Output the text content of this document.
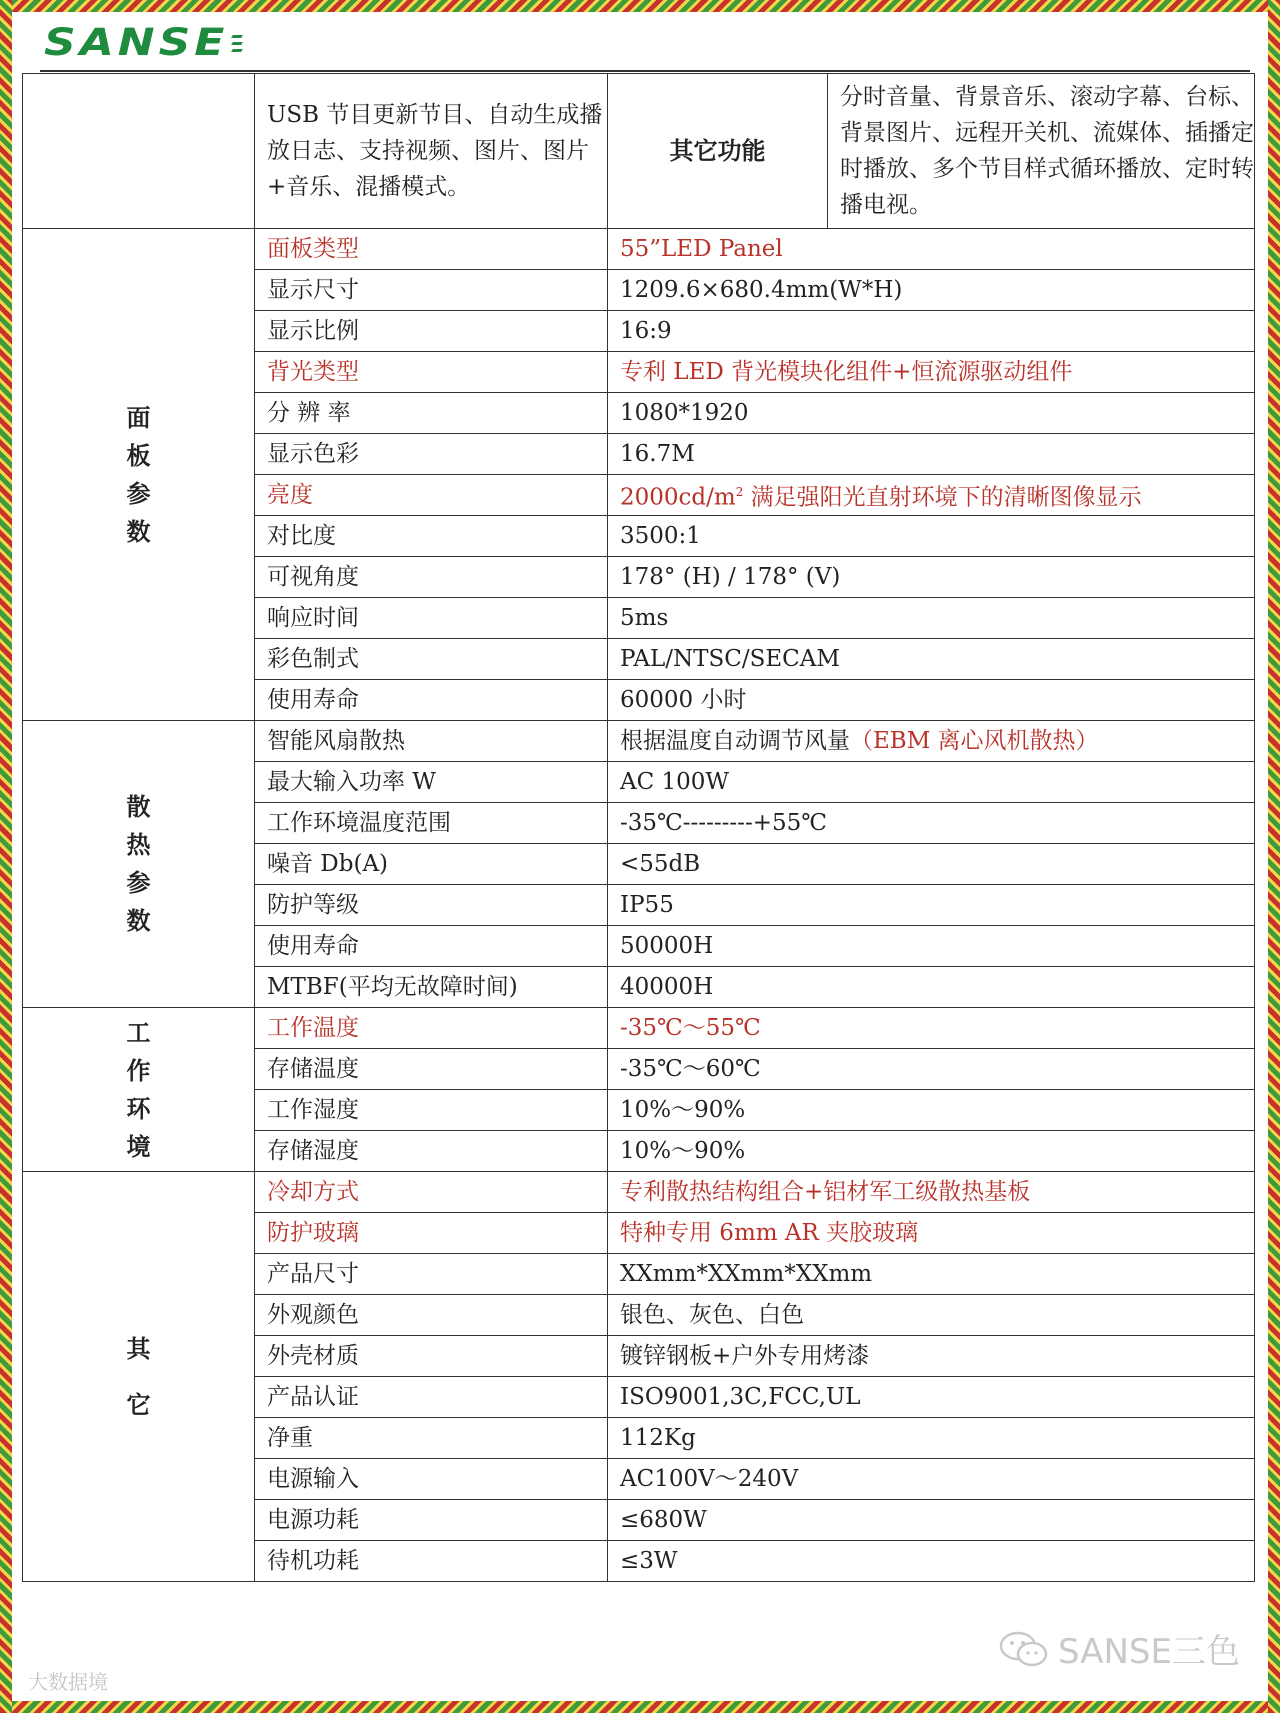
SANSE
	USB 节目更新节目、自动生成播放日志、支持视频、图片、图片+音乐、混播模式。	其它功能	分时音量、背景音乐、滚动字幕、台标、背景图片、远程开关机、流媒体、插播定时播放、多个节目样式循环播放、定时转播电视。
面板参数	面板类型	55”LED Panel	
	显示尺寸	1209.6×680.4mm(W*H)	
	显示比例	16:9	
	背光类型	专利 LED 背光模块化组件+恒流源驱动组件	
	分 辨 率	1080*1920	
	显示色彩	16.7M	
	亮度	$2000cd/m^2$ 满足强阳光直射环境下的清晰图像显示	
	对比度	3500:1	
	可视角度	178° (H) / 178° (V)	
	响应时间	5ms	
	彩色制式	PAL/NTSC/SECAM	
	使用寿命	60000 小时	
散热参数	智能风扇散热	根据温度自动调节风量（EBM 离心风机散热）	
	最大输入功率 W	AC 100W	
	工作环境温度范围	-35℃---------+55℃	
	噪音 Db(A)	<55dB	
	防护等级	IP55	
	使用寿命	50000H	
	MTBF(平均无故障时间)	40000H	
工作环境	工作温度	-35℃～55℃	
	存储温度	-35℃～60℃	
	工作湿度	10%～90%	
	存储湿度	10%～90%	
其它	冷却方式	专利散热结构组合+铝材军工级散热基板	
	防护玻璃	特种专用 6mm AR 夹胶玻璃	
	产品尺寸	XXmm*XXmm*XXmm	
	外观颜色	银色、灰色、白色	
	外壳材质	镀锌钢板+户外专用烤漆	
	产品认证	ISO9001,3C,FCC,UL	
	净重	112Kg	
	电源输入	AC100V～240V	
	电源功耗	≤680W	
	待机功耗	≤3W	
SANSE三色
大数据境
